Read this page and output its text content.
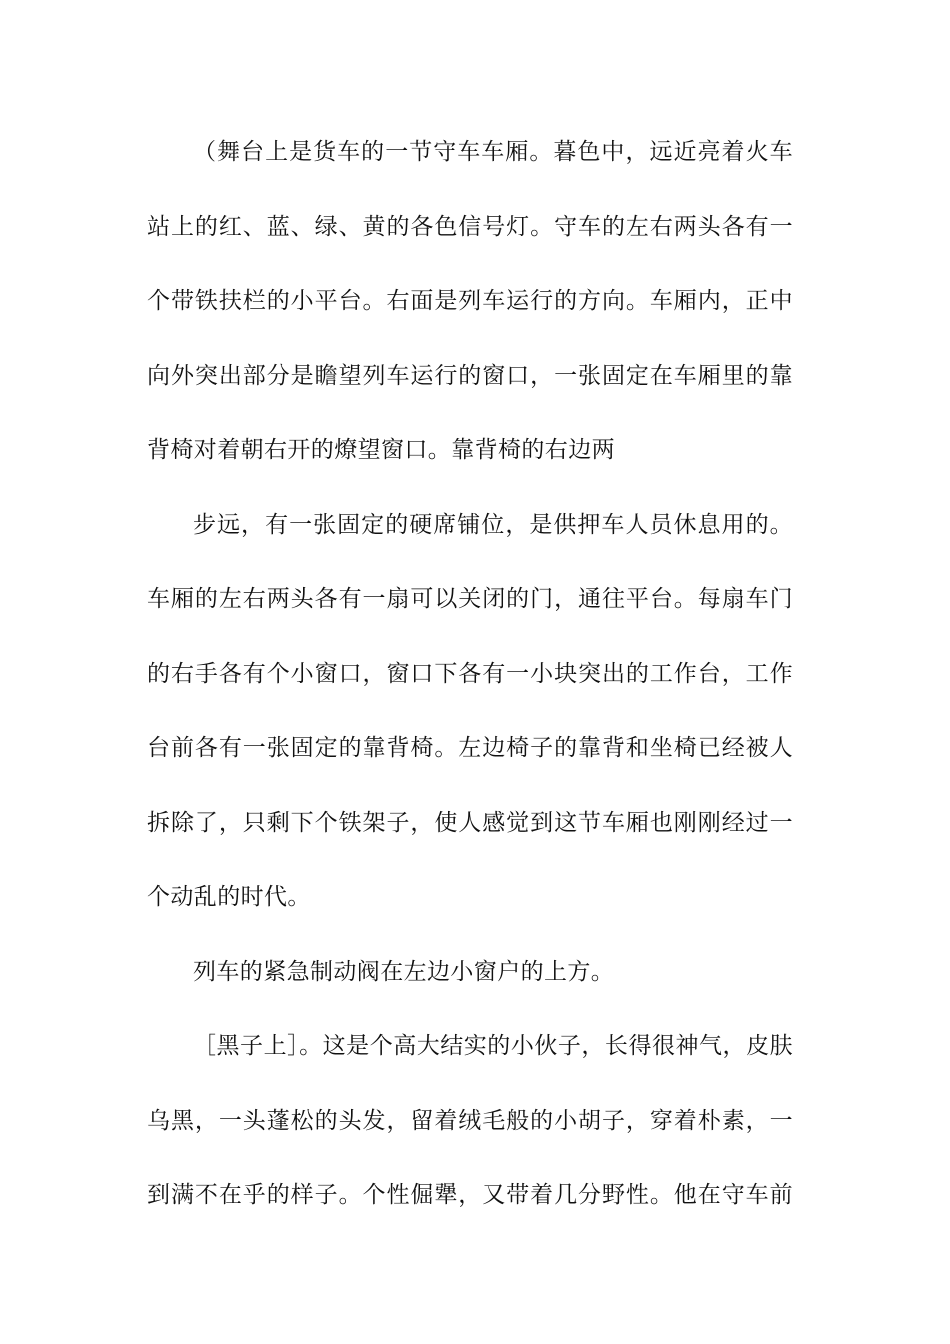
（舞台上是货车的一节守车车厢。暮色中，远近亮着火车
站上的红、蓝、绿、黄的各色信号灯。守车的左右两头各有一
个带铁扶栏的小平台。右面是列车运行的方向。车厢内，正中
向外突出部分是瞻望列车运行的窗口，一张固定在车厢里的靠
背椅对着朝右开的燎望窗口。靠背椅的右边两
步远，有一张固定的硬席铺位，是供押车人员休息用的。
车厢的左右两头各有一扇可以关闭的门，通往平台。每扇车门
的右手各有个小窗口，窗口下各有一小块突出的工作台，工作
台前各有一张固定的靠背椅。左边椅子的靠背和坐椅已经被人
拆除了，只剩下个铁架子，使人感觉到这节车厢也刚刚经过一
个动乱的时代。
列车的紧急制动阀在左边小窗户的上方。
［黑子上］。这是个高大结实的小伙子，长得很神气，皮肤
乌黑，一头蓬松的头发，留着绒毛般的小胡子，穿着朴素，一
到满不在乎的样子。个性倔犟，又带着几分野性。他在守车前
